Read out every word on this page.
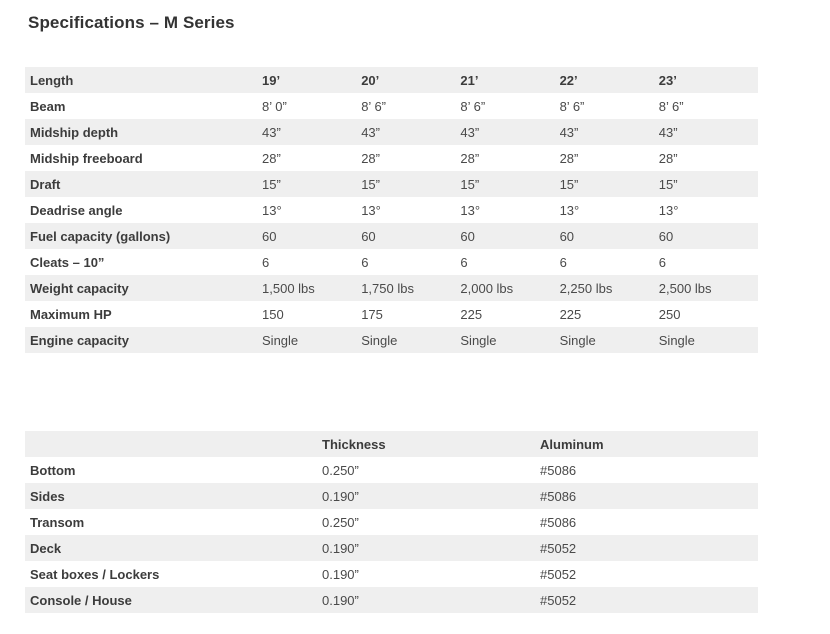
Specifications – M Series
Length	19’	20’	21’	22’	23’
Beam	8’ 0”	8’ 6”	8’ 6”	8’ 6”	8’ 6”
Midship depth	43”	43”	43”	43”	43”
Midship freeboard	28”	28”	28”	28”	28”
Draft	15”	15”	15”	15”	15”
Deadrise angle	13°	13°	13°	13°	13°
Fuel capacity (gallons)	60	60	60	60	60
Cleats – 10”	6	6	6	6	6
Weight capacity	1,500 lbs	1,750 lbs	2,000 lbs	2,250 lbs	2,500 lbs
Maximum HP	150	175	225	225	250
Engine capacity	Single	Single	Single	Single	Single
	Thickness	Aluminum
Bottom	0.250”	#5086
Sides	0.190”	#5086
Transom	0.250”	#5086
Deck	0.190”	#5052
Seat boxes / Lockers	0.190”	#5052
Console / House	0.190”	#5052
